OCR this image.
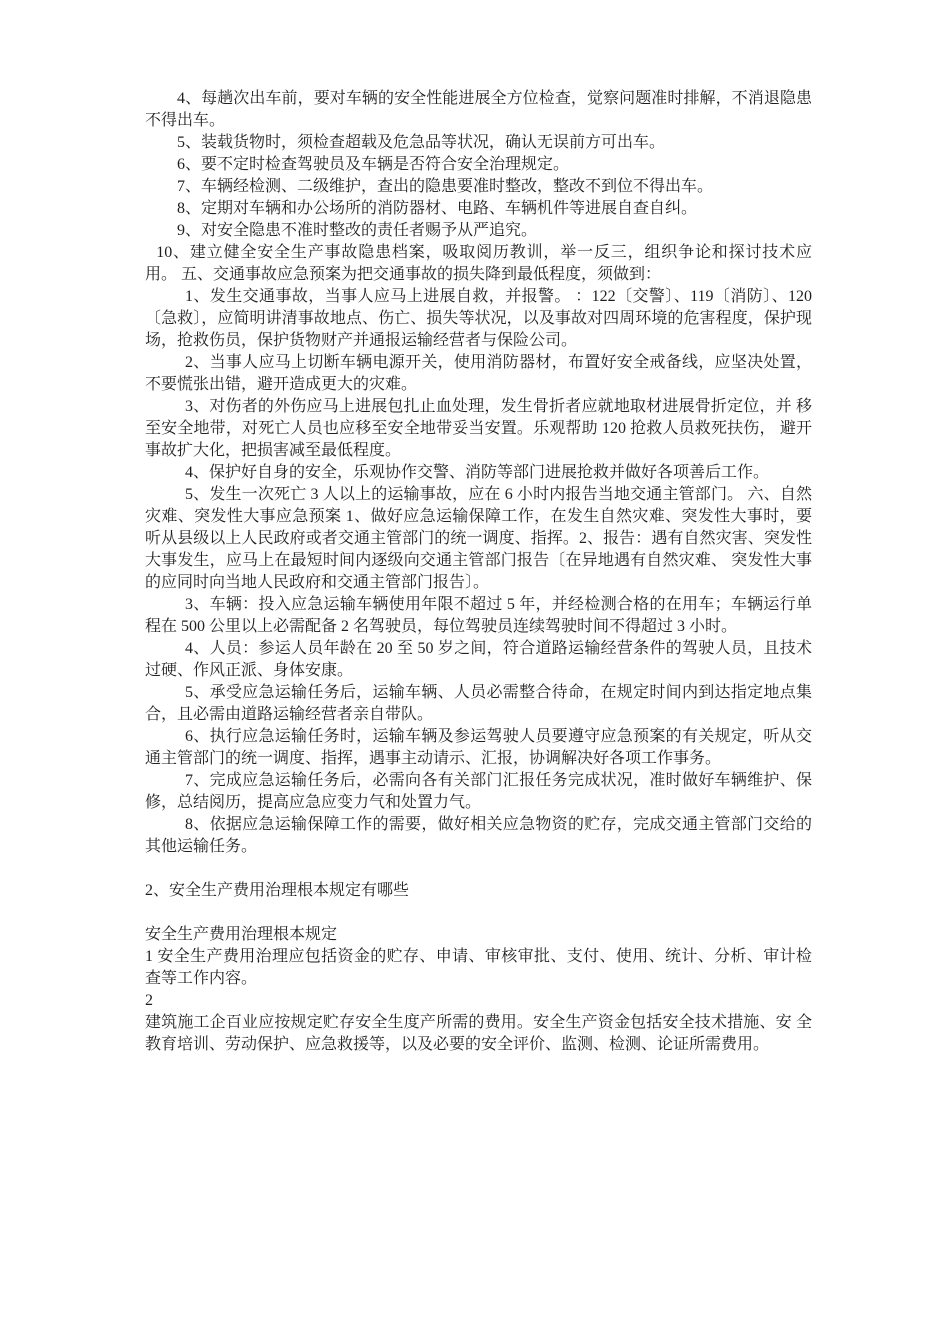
4、每趟次出车前，要对车辆的安全性能进展全方位检查，觉察问题准时排解，不消退隐患不得出车。

5、装载货物时，须检查超载及危急品等状况，确认无误前方可出车。

6、要不定时检查驾驶员及车辆是否符合安全治理规定。

7、车辆经检测、二级维护，查出的隐患要准时整改，整改不到位不得出车。

8、定期对车辆和办公场所的消防器材、电路、车辆机件等进展自查自纠。

9、对安全隐患不准时整改的责任者赐予从严追究。

10、建立健全安全生产事故隐患档案，吸取阅历教训，举一反三，组织争论和探讨技术应用。 五、交通事故应急预案为把交通事故的损失降到最低程度，须做到：

1、发生交通事故，当事人应马上进展自救，并报警。 ：122〔交警〕、119〔消防〕、120〔急救〕，应简明讲清事故地点、伤亡、损失等状况，以及事故对四周环境的危害程度，保护现场，抢救伤员，保护货物财产并通报运输经营者与保险公司。

2、当事人应马上切断车辆电源开关，使用消防器材，布置好安全戒备线，应坚决处置， 不要慌张出错，避开造成更大的灾难。

3、对伤者的外伤应马上进展包扎止血处理，发生骨折者应就地取材进展骨折定位，并 移至安全地带，对死亡人员也应移至安全地带妥当安置。乐观帮助 120 抢救人员救死扶伤， 避开事故扩大化，把损害减至最低程度。

4、保护好自身的安全，乐观协作交警、消防等部门进展抢救并做好各项善后工作。

5、发生一次死亡 3 人以上的运输事故，应在 6 小时内报告当地交通主管部门。 六、自然灾难、突发性大事应急预案 1、做好应急运输保障工作，在发生自然灾难、突发性大事时，要听从县级以上人民政府或者交通主管部门的统一调度、指挥。2、报告：遇有自然灾害、突发性大事发生，应马上在最短时间内逐级向交通主管部门报告〔在异地遇有自然灾难、 突发性大事的应同时向当地人民政府和交通主管部门报告〕。

3、车辆：投入应急运输车辆使用年限不超过 5 年，并经检测合格的在用车；车辆运行单程在 500 公里以上必需配备 2 名驾驶员，每位驾驶员连续驾驶时间不得超过 3 小时。

4、人员：参运人员年龄在 20 至 50 岁之间，符合道路运输经营条件的驾驶人员，且技术过硬、作风正派、身体安康。

5、承受应急运输任务后，运输车辆、人员必需整合待命，在规定时间内到达指定地点集合，且必需由道路运输经营者亲自带队。

6、执行应急运输任务时，运输车辆及参运驾驶人员要遵守应急预案的有关规定，听从交通主管部门的统一调度、指挥，遇事主动请示、汇报，协调解决好各项工作事务。

7、完成应急运输任务后，必需向各有关部门汇报任务完成状况，准时做好车辆维护、保修，总结阅历，提高应急应变力气和处置力气。

8、依据应急运输保障工作的需要，做好相关应急物资的贮存，完成交通主管部门交给的其他运输任务。

2、安全生产费用治理根本规定有哪些

安全生产费用治理根本规定

1 安全生产费用治理应包括资金的贮存、申请、审核审批、支付、使用、统计、分析、审计检查等工作内容。

2

建筑施工企百业应按规定贮存安全生度产所需的费用。安全生产资金包括安全技术措施、安 全教育培训、劳动保护、应急救援等，以及必要的安全评价、监测、检测、论证所需费用。
